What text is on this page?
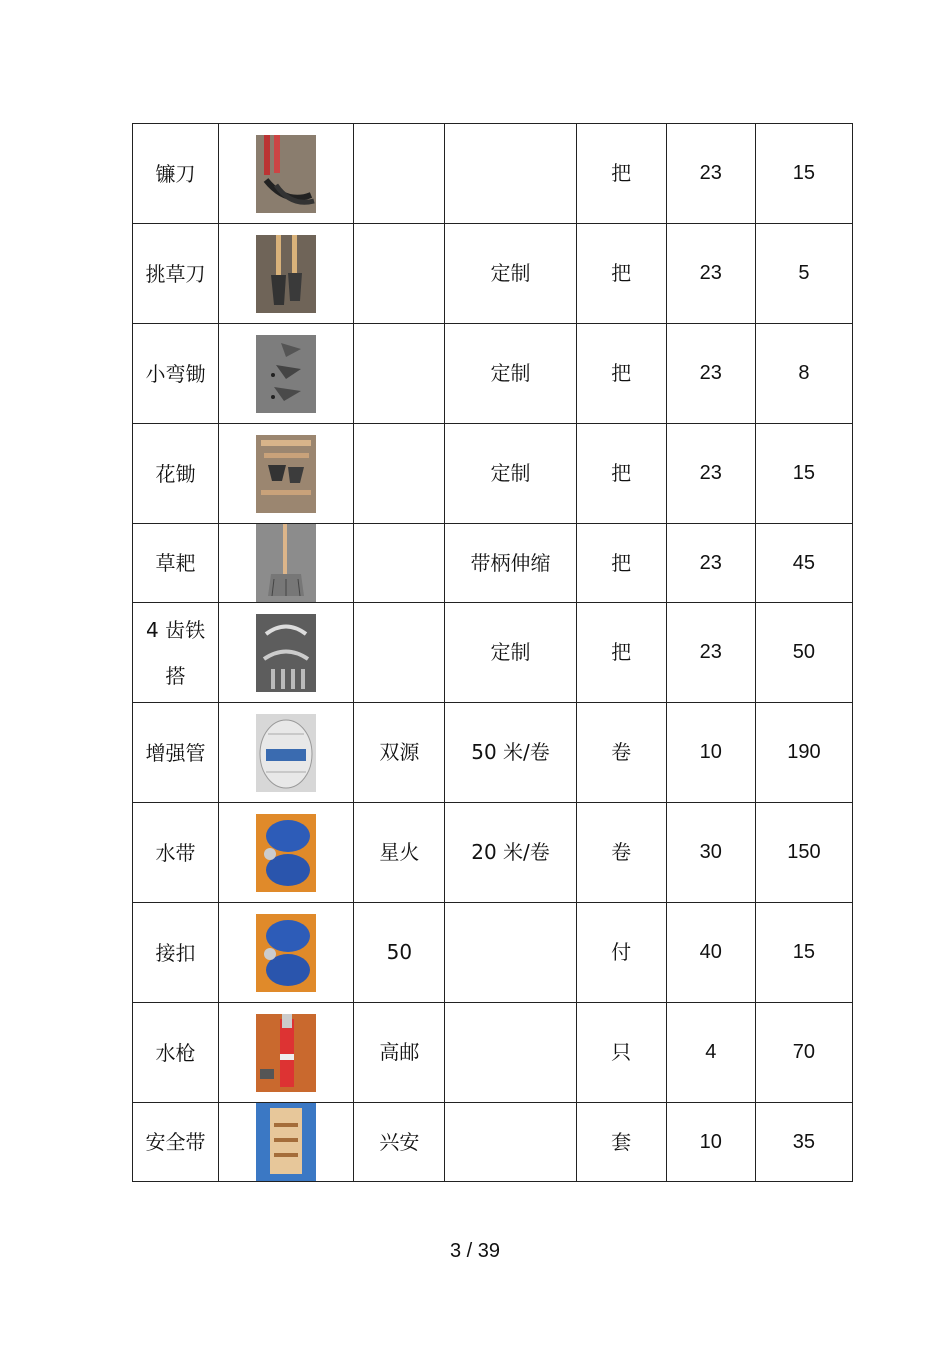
镰刀				把	23	15
挑草刀			定制	把	23	5
小弯锄			定制	把	23	8
花锄			定制	把	23	15
草耙			带柄伸缩	把	23	45
4 齿铁搭			定制	把	23	50
增强管		双源	50 米/卷	卷	10	190
水带		星火	20 米/卷	卷	30	150
接扣		50		付	40	15
水枪		高邮		只	4	70
安全带		兴安		套	10	35
3 / 39
